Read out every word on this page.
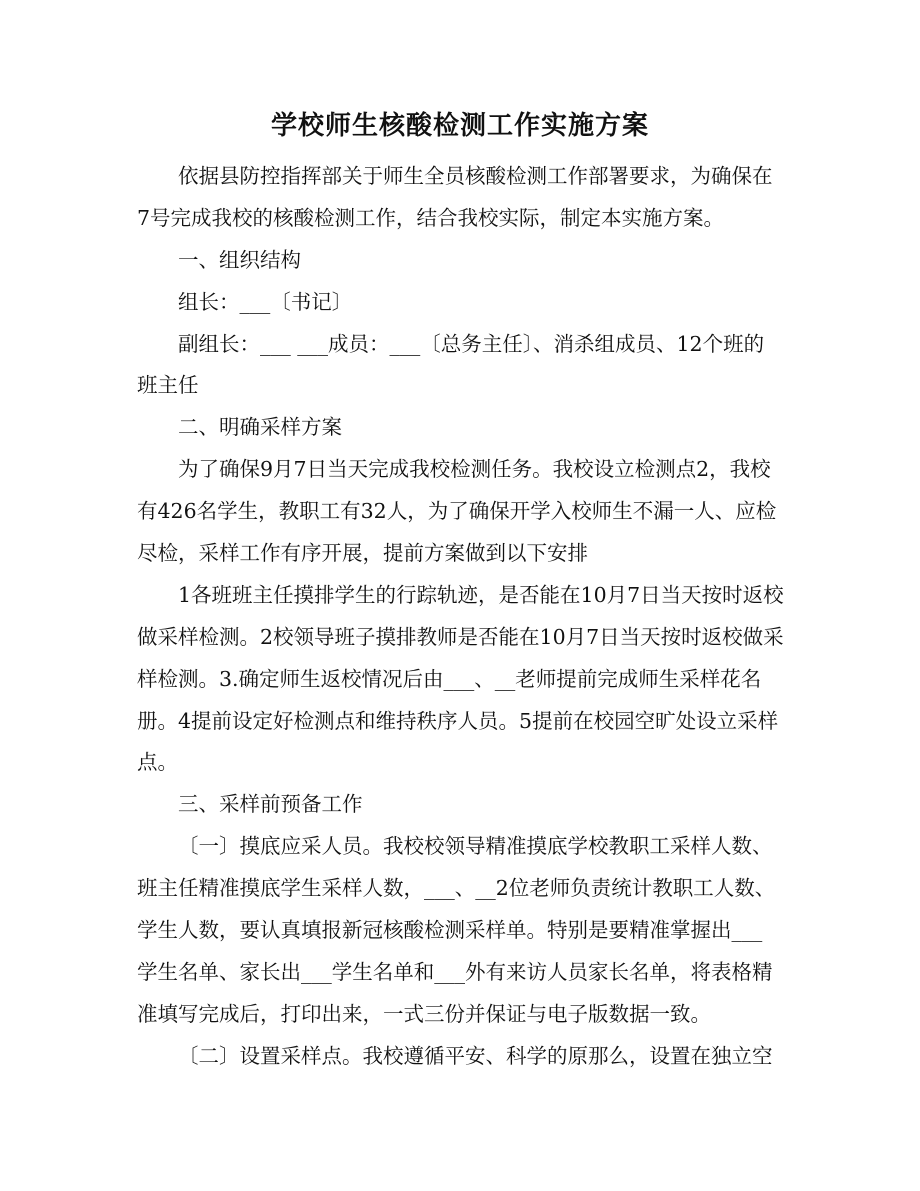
学校师生核酸检测工作实施方案
依据县防控指挥部关于师生全员核酸检测工作部署要求，为确保在
7号完成我校的核酸检测工作，结合我校实际，制定本实施方案。
一、组织结构
组长：___〔书记〕
副组长：___ ___成员：___〔总务主任〕、消杀组成员、12个班的
班主任
二、明确采样方案
为了确保9月7日当天完成我校检测任务。我校设立检测点2，我校
有426名学生，教职工有32人，为了确保开学入校师生不漏一人、应检
尽检，采样工作有序开展，提前方案做到以下安排
1各班班主任摸排学生的行踪轨迹，是否能在10月7日当天按时返校
做采样检测。2校领导班子摸排教师是否能在10月7日当天按时返校做采
样检测。3.确定师生返校情况后由___、__老师提前完成师生采样花名
册。4提前设定好检测点和维持秩序人员。5提前在校园空旷处设立采样
点。
三、采样前预备工作
〔一〕摸底应采人员。我校校领导精准摸底学校教职工采样人数、
班主任精准摸底学生采样人数，___、__2位老师负责统计教职工人数、
学生人数，要认真填报新冠核酸检测采样单。特别是要精准掌握出___
学生名单、家长出___学生名单和___外有来访人员家长名单，将表格精
准填写完成后，打印出来，一式三份并保证与电子版数据一致。
〔二〕设置采样点。我校遵循平安、科学的原那么，设置在独立空
